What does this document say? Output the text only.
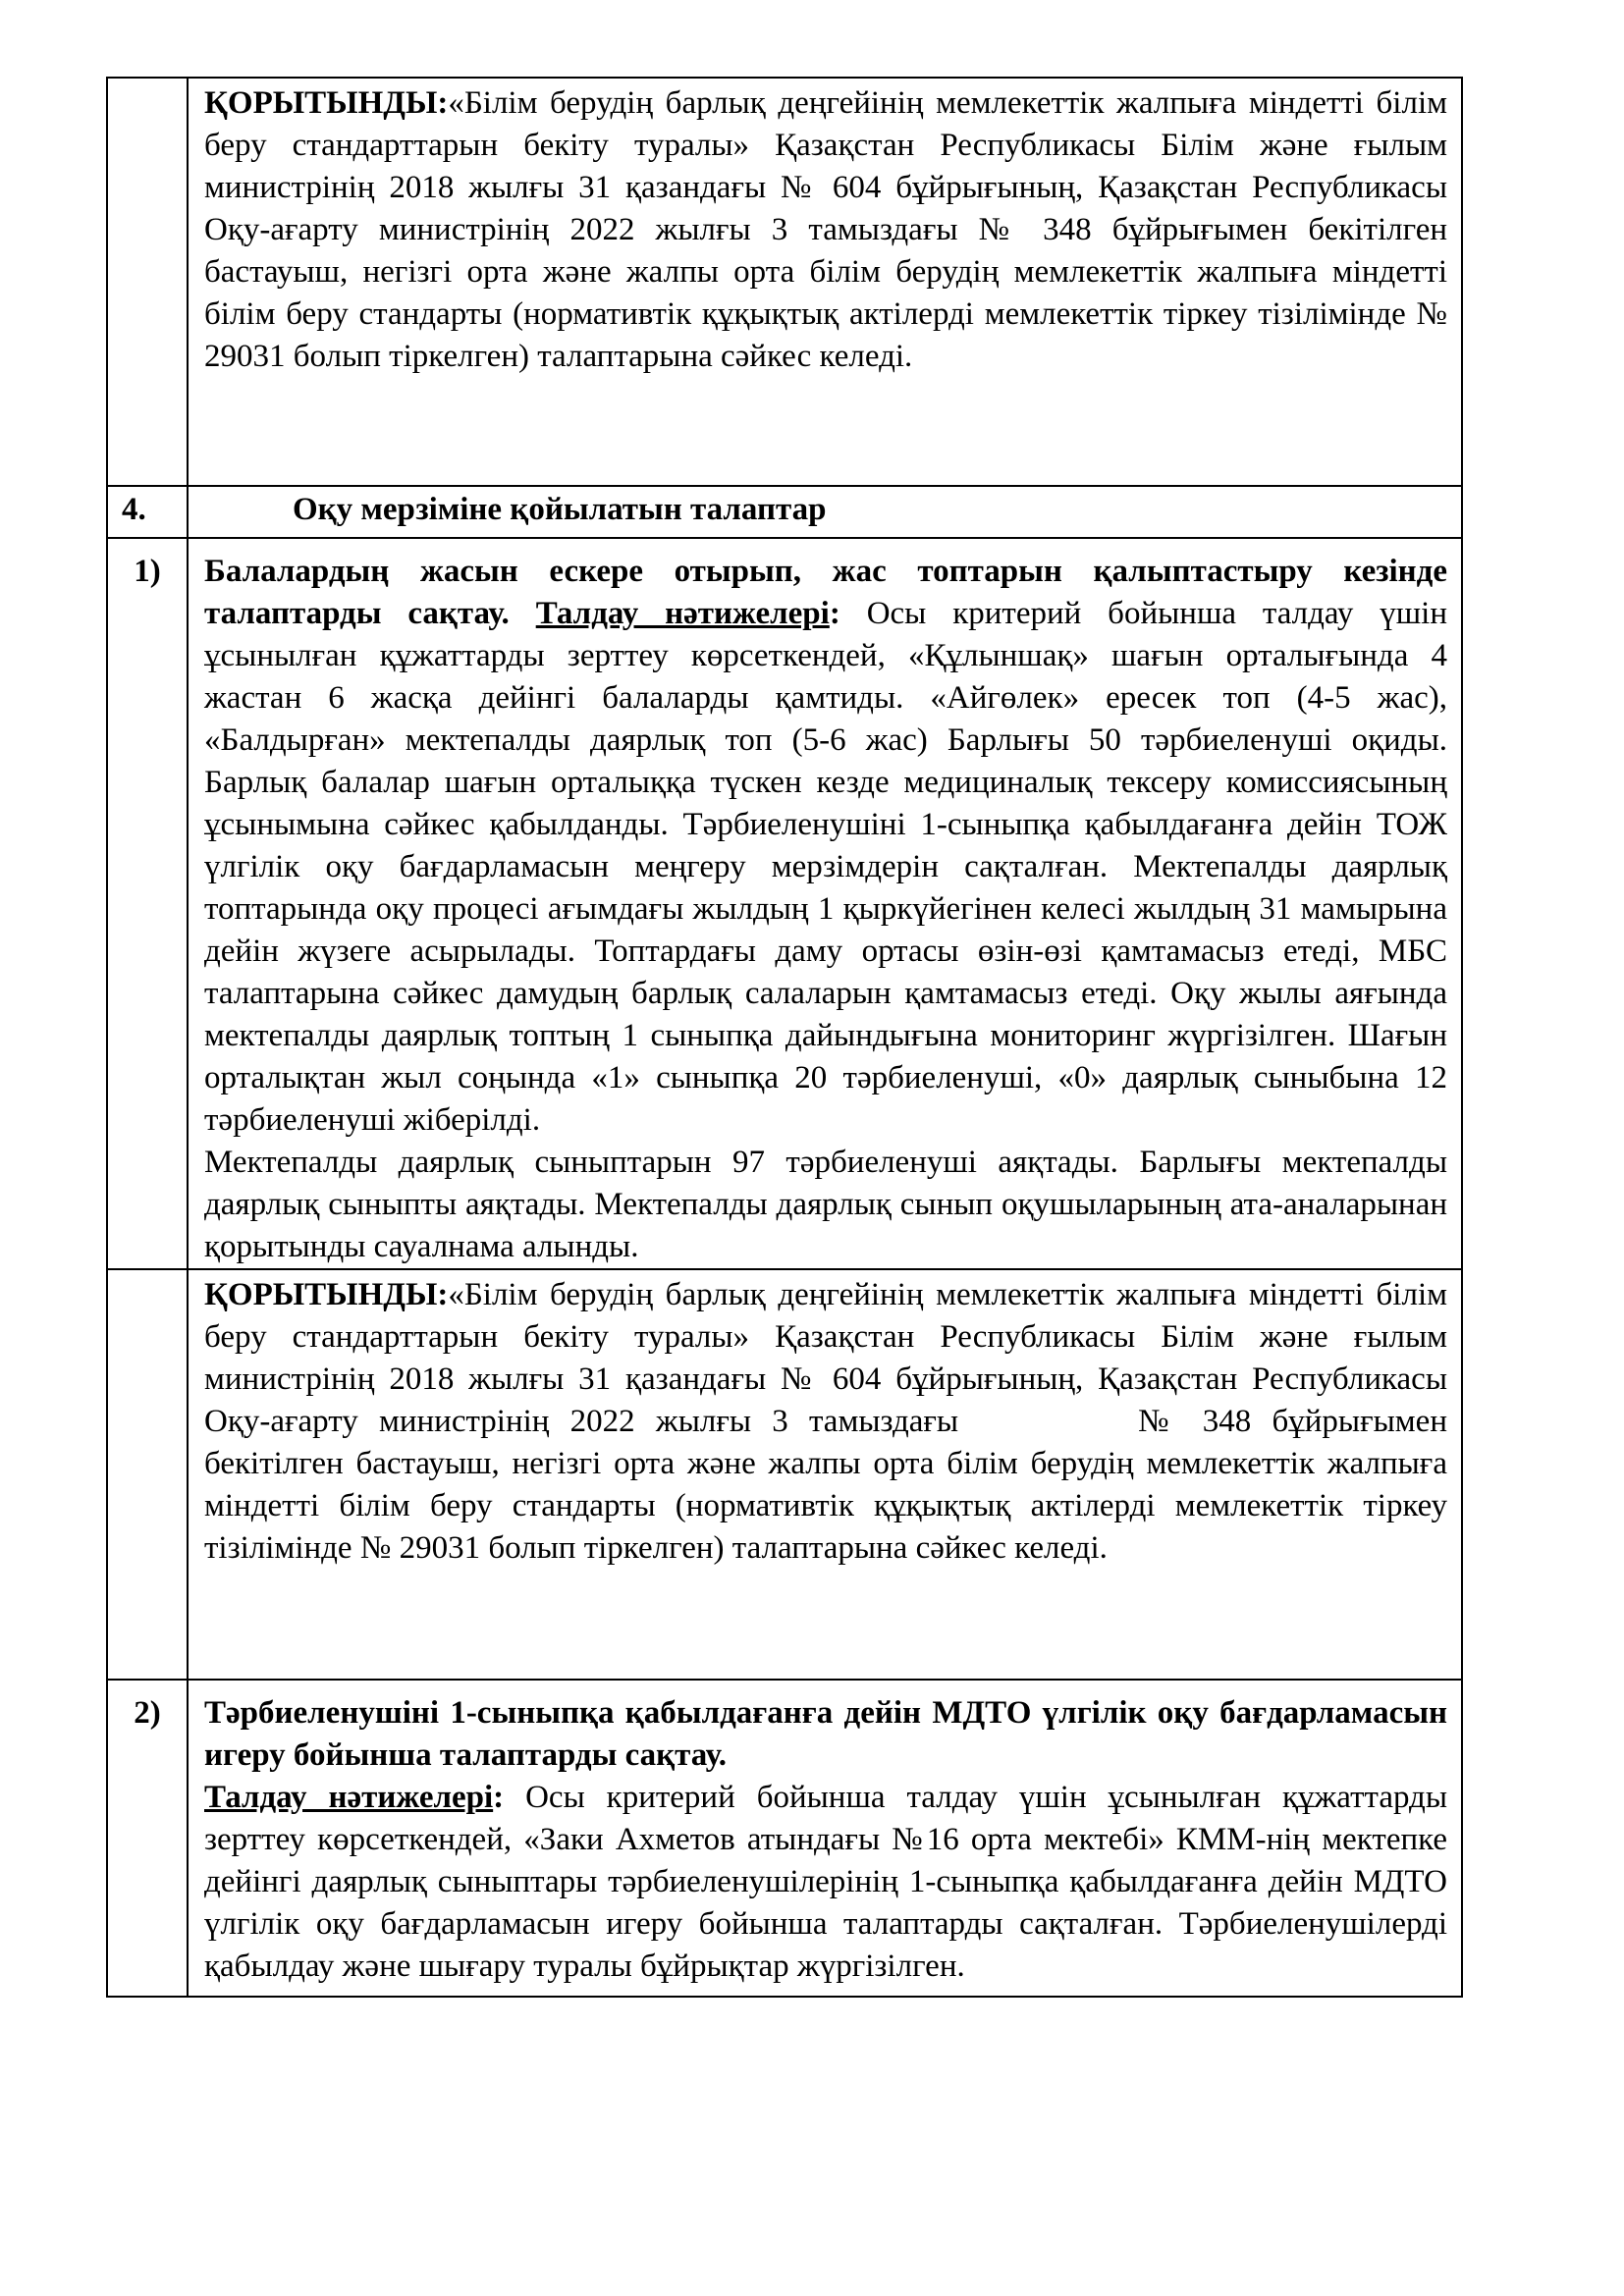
	ҚОРЫТЫНДЫ:«Білім берудің барлық деңгейінің мемлекеттік жалпыға міндетті білім беру стандарттарын бекіту туралы» Қазақстан Республикасы Білім және ғылым министрінің 2018 жылғы 31 қазандағы № 604 бұйрығының, Қазақстан Республикасы Оқу-ағарту министрінің 2022 жылғы 3 тамыздағы № 348 бұйрығымен бекітілген бастауыш, негізгі орта және жалпы орта білім берудің мемлекеттік жалпыға міндетті білім беру стандарты (нормативтік құқықтық актілерді мемлекеттік тіркеу тізілімінде № 29031 болып тіркелген) талаптарына сәйкес келеді.
4.	Оқу мерзіміне қойылатын талаптар
1)	Балалардың жасын ескере отырып, жас топтарын қалыптастыру кезінде талаптарды сақтау. Талдау нәтижелері: Осы критерий бойынша талдау үшін ұсынылған құжаттарды зерттеу көрсеткендей, «Құлыншақ» шағын орталығында 4 жастан 6 жасқа дейінгі балаларды қамтиды. «Айгөлек» ересек топ (4-5 жас), «Балдырған» мектепалды даярлық топ (5-6 жас) Барлығы 50 тәрбиеленуші оқиды. Барлық балалар шағын орталыққа түскен кезде медициналық тексеру комиссиясының ұсынымына сәйкес қабылданды. Тәрбиеленушіні 1-сыныпқа қабылдағанға дейін ТОЖ үлгілік оқу бағдарламасын меңгеру мерзімдерін сақталған. Мектепалды даярлық топтарында оқу процесі ағымдағы жылдың 1 қыркүйегінен келесі жылдың 31 мамырына дейін жүзеге асырылады. Топтардағы даму ортасы өзін-өзі қамтамасыз етеді, МБС талаптарына сәйкес дамудың барлық салаларын қамтамасыз етеді. Оқу жылы аяғында мектепалды даярлық топтың 1 сыныпқа дайындығына мониторинг жүргізілген. Шағын орталықтан жыл соңында «1» сыныпқа 20 тәрбиеленуші, «0» даярлық сыныбына 12 тәрбиеленуші жіберілді.

Мектепалды даярлық сыныптарын 97 тәрбиеленуші аяқтады. Барлығы мектепалды даярлық сыныпты аяқтады. Мектепалды даярлық сынып оқушыларының ата-аналарынан қорытынды сауалнама алынды.

	ҚОРЫТЫНДЫ:«Білім берудің барлық деңгейінің мемлекеттік жалпыға міндетті білім беру стандарттарын бекіту туралы» Қазақстан Республикасы Білім және ғылым министрінің 2018 жылғы 31 қазандағы № 604 бұйрығының, Қазақстан Республикасы Оқу-ағарту министрінің 2022 жылғы 3 тамыздағы № 348 бұйрығымен бекітілген бастауыш, негізгі орта және жалпы орта білім берудің мемлекеттік жалпыға міндетті білім беру стандарты (нормативтік құқықтық актілерді мемлекеттік тіркеу тізілімінде № 29031 болып тіркелген) талаптарына сәйкес келеді.
2)	Тәрбиеленушіні 1-сыныпқа қабылдағанға дейін МДТО үлгілік оқу бағдарламасын игеру бойынша талаптарды сақтау.

Талдау нәтижелері: Осы критерий бойынша талдау үшін ұсынылған құжаттарды зерттеу көрсеткендей, «Заки Ахметов атындағы №16 орта мектебі» КММ-нің мектепке дейінгі даярлық сыныптары тәрбиеленушілерінің 1-сыныпқа қабылдағанға дейін МДТО үлгілік оқу бағдарламасын игеру бойынша талаптарды сақталған. Тәрбиеленушілерді қабылдау және шығару туралы бұйрықтар жүргізілген.
